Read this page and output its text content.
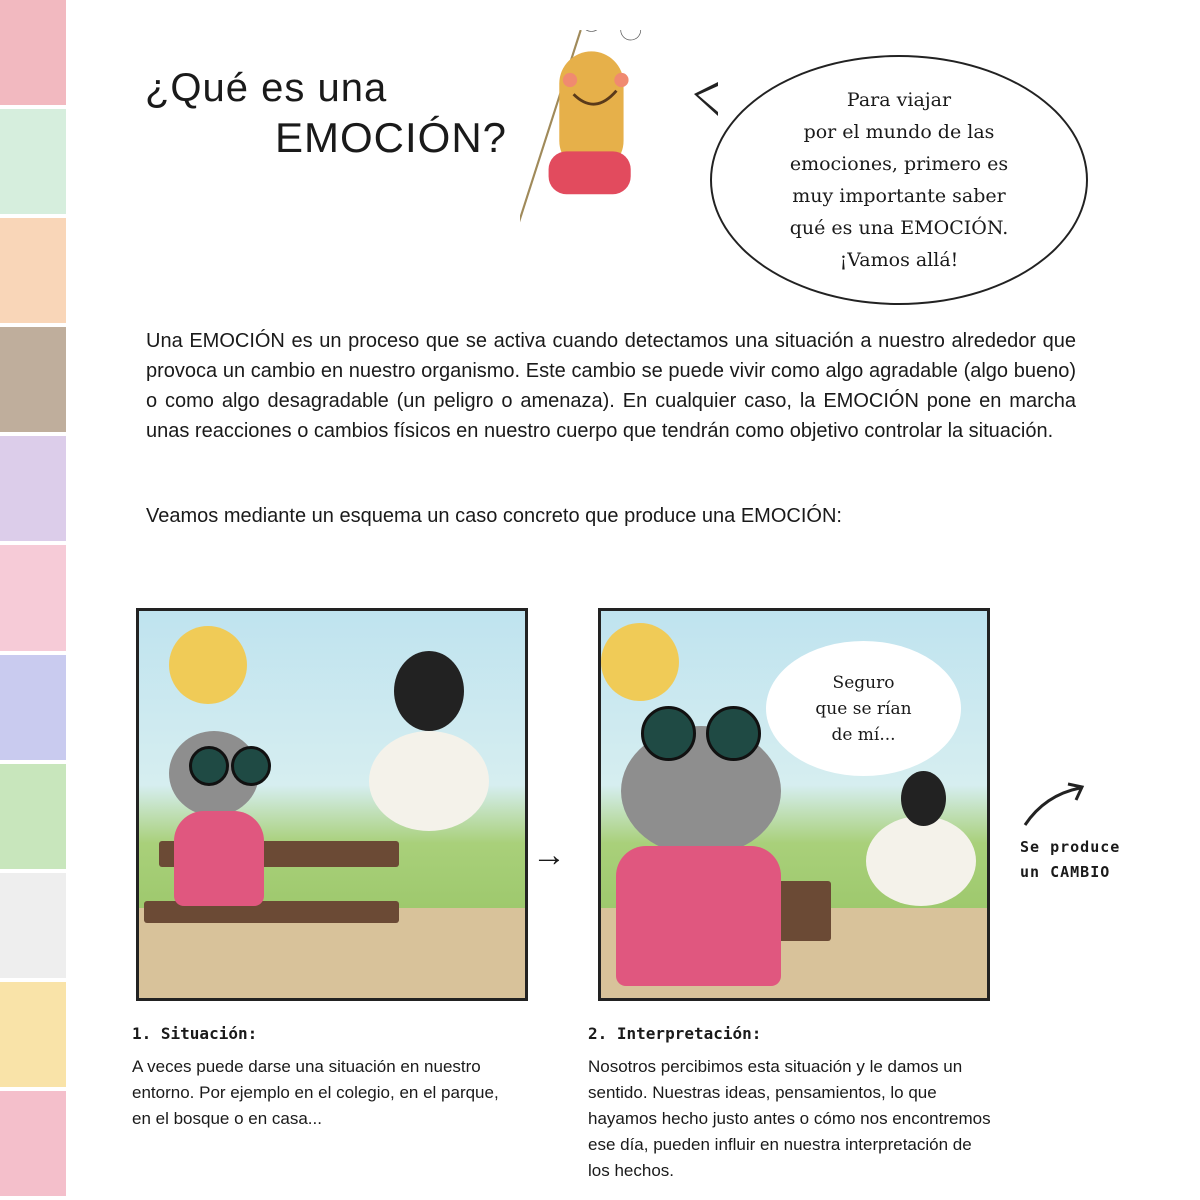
¿Qué es una
EMOCIÓN?
Para viajar
por el mundo de las
emociones, primero es
muy importante saber
qué es una EMOCIÓN.
¡Vamos allá!

Una EMOCIÓN es un proceso que se activa cuando detectamos una situación a nuestro alrededor que provoca un cambio en nuestro organismo. Este cambio se puede vivir como algo agradable (algo bueno) o como algo desagradable (un peligro o amenaza). En cualquier caso, la EMOCIÓN pone en marcha unas reacciones o cambios físicos en nuestro cuerpo que tendrán como objetivo controlar la situación.

Veamos mediante un esquema un caso concreto que produce una EMOCIÓN:

→
Seguro
que se rían
de mí...
Se produce
un CAMBIO
1. Situación:

A veces puede darse una situación en nuestro entorno. Por ejemplo en el colegio, en el parque, en el bosque o en casa...

2. Interpretación:

Nosotros percibimos esta situación y le damos un sentido. Nuestras ideas, pensamientos, lo que hayamos hecho justo antes o cómo nos encontremos ese día, pueden influir en nuestra interpretación de los hechos.
